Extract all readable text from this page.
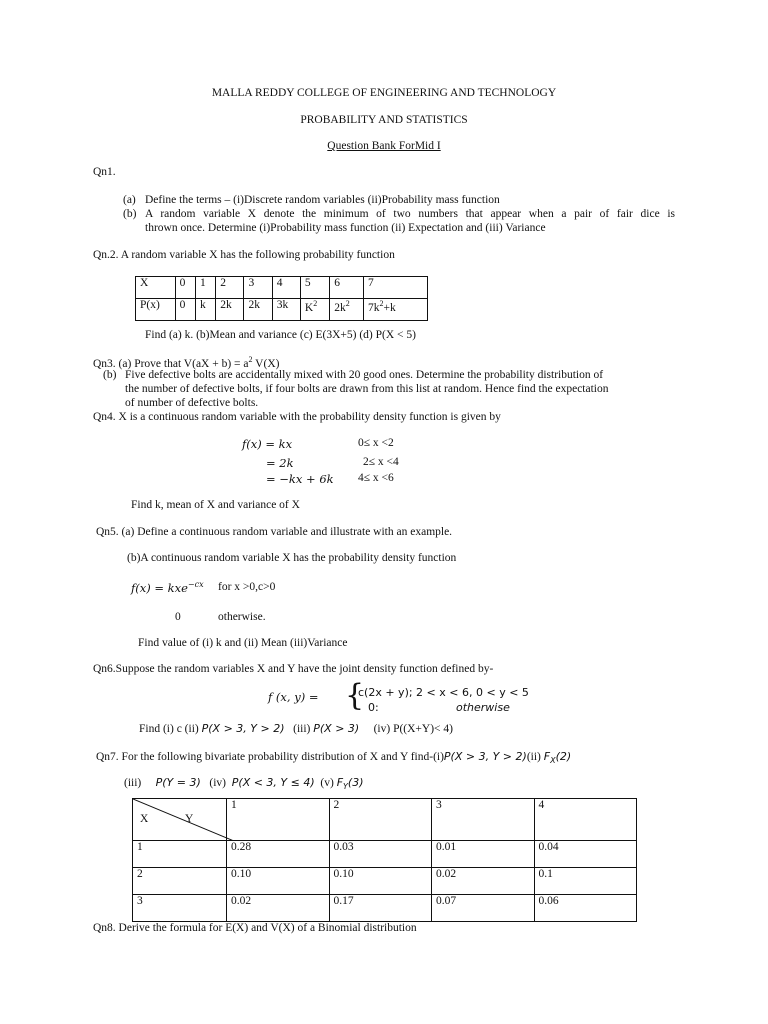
MALLA REDDY COLLEGE OF ENGINEERING AND TECHNOLOGY
PROBABILITY AND STATISTICS
Question Bank ForMid I
Qn1.
(a) Define the terms – (i)Discrete random variables (ii)Probability mass function
(b) A random variable X denote the minimum of two numbers that appear when a pair of fair dice is
thrown once. Determine (i)Probability mass function (ii) Expectation and (iii) Variance
Qn.2. A random variable X has the following probability function
X	0	1	2	3	4	5	6	7
P(x)	0	k	2k	2k	3k	$K^2$	$2k^2$	$7k^2+k$
Find (a) k. (b)Mean and variance (c) E(3X+5) (d) P(X < 5)
Qn3. (a) Prove that $V(aX + b) = a^2$ V(X)
(b) Five defective bolts are accidentally mixed with 20 good ones. Determine the probability distribution of
the number of defective bolts, if four bolts are drawn from this list at random. Hence find the expectation
of number of defective bolts.
Qn4. X is a continuous random variable with the probability density function is given by
f(x) = kx	0≤ x <2
= 2k	2≤ x <4
= −kx + 6k 4≤ x <6
Find k, mean of X and variance of X
Qn5. (a) Define a continuous random variable and illustrate with an example.
(b)A continuous random variable X has the probability density function
f(x) = kxe$^{-cx}$ for x >0,c>0
0	otherwise.
Find value of (i) k and (ii) Mean (iii)Variance
Qn6.Suppose the random variables X and Y have the joint density function defined by-
f (x, y) = {
c(2x + y); 2 < x < 6, 0 < y < 5
0:	otherwise
Find (i) c (ii) P(X > 3, Y > 2) (iii) P(X > 3) (iv) P((X+Y)< 4)
Qn7. For the following bivariate probability distribution of X and Y find-(i)P(X > 3, Y > 2)(ii) $F_X(2)$
(iii) P(Y = 3) (iv) P(X < 3, Y ≤ 4) (v) $F_Y(3)$
X Y	1	2	3	4
1	0.28	0.03	0.01	0.04
2	0.10	0.10	0.02	0.1
3	0.02	0.17	0.07	0.06
Qn8. Derive the formula for E(X) and V(X) of a Binomial distribution
